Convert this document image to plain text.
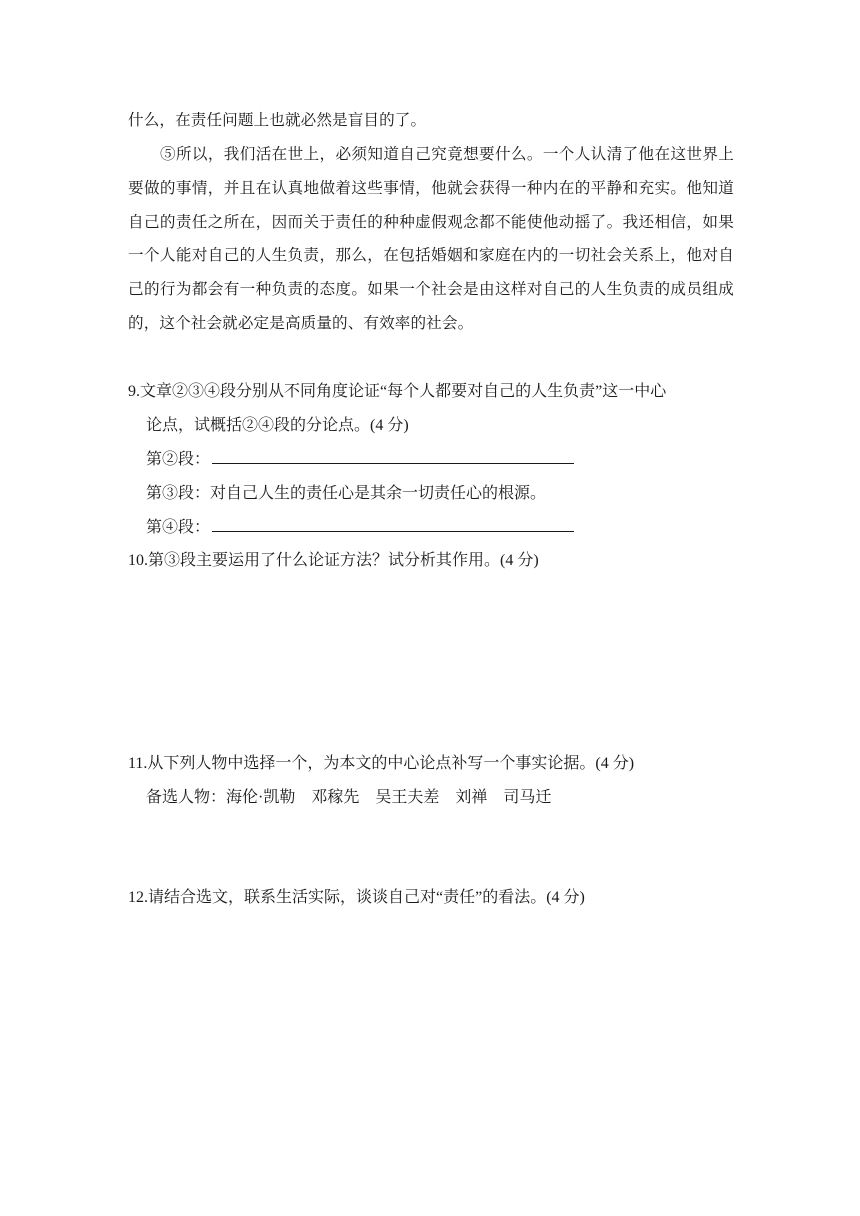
什么，在责任问题上也就必然是盲目的了。
⑤所以，我们活在世上，必须知道自己究竟想要什么。一个人认清了他在这世界上要做的事情，并且在认真地做着这些事情，他就会获得一种内在的平静和充实。他知道自己的责任之所在，因而关于责任的种种虚假观念都不能使他动摇了。我还相信，如果一个人能对自己的人生负责，那么，在包括婚姻和家庭在内的一切社会关系上，他对自己的行为都会有一种负责的态度。如果一个社会是由这样对自己的人生负责的成员组成的，这个社会就必定是高质量的、有效率的社会。
9.文章②③④段分别从不同角度论证“每个人都要对自己的人生负责”这一中心
论点，试概括②④段的分论点。(4 分)
第②段：
第③段：对自己人生的责任心是其余一切责任心的根源。
第④段：
10.第③段主要运用了什么论证方法？试分析其作用。(4 分)
11.从下列人物中选择一个，为本文的中心论点补写一个事实论据。(4 分)
备选人物：海伦·凯勒 邓稼先 吴王夫差 刘禅 司马迁
12.请结合选文，联系生活实际，谈谈自己对“责任”的看法。(4 分)
